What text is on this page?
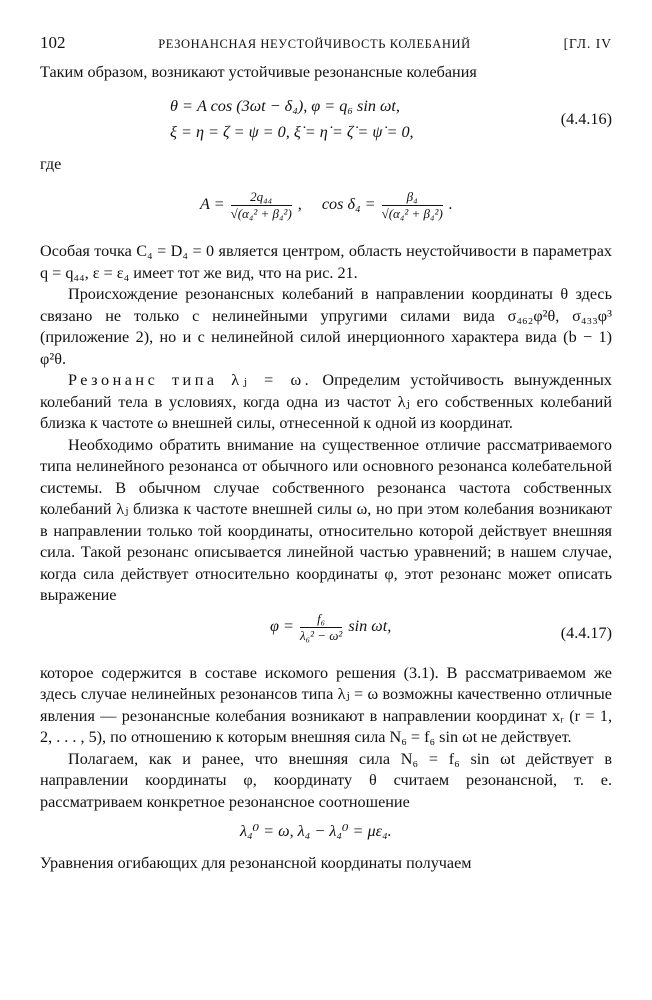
102	РЕЗОНАНСНАЯ НЕУСТОЙЧИВОСТЬ КОЛЕБАНИЙ	[ГЛ. IV

Таким образом, возникают устойчивые резонансные колебания

θ = A cos (3ωt − δ₄), φ = q₆ sin ωt,
ξ = η = ζ = ψ = 0, ξ̇ = η̇ = ζ̇ = ψ̇ = 0,
(4.4.16)

где

$A = \frac{\text{2q₄₄}}{\text{√(α₄² + β₄²)}}$ , $\cos \delta_4 = \frac{\text{β₄}}{\text{√(α₄² + β₄²)}}$ .

Особая точка C₄ = D₄ = 0 является центром, область неустойчивости в параметрах q = q₄₄, ε = ε₄ имеет тот же вид, что на рис. 21.

Происхождение резонансных колебаний в направлении координаты θ здесь связано не только с нелинейными упругими силами вида σ₄₆₂φ²θ, σ₄₃₃φ³ (приложение 2), но и с нелинейной силой инерционного характера вида (b − 1) φ²θ.

Резонанс типа λⱼ = ω. Определим устойчивость вынужденных колебаний тела в условиях, когда одна из частот λⱼ его собственных колебаний близка к частоте ω внешней силы, отнесенной к одной из координат.

Необходимо обратить внимание на существенное отличие рассматриваемого типа нелинейного резонанса от обычного или основного резонанса колебательной системы. В обычном случае собственного резонанса частота собственных колебаний λⱼ близка к частоте внешней силы ω, но при этом колебания возникают в направлении только той координаты, относительно которой действует внешняя сила. Такой резонанс описывается линейной частью уравнений; в нашем случае, когда сила действует относительно координаты φ, этот резонанс может описать выражение

$\varphi = \frac{\text{f₆}}{\text{λ₆² − ω²}}$ sin ωt,	(4.4.17)

которое содержится в составе искомого решения (3.1). В рассматриваемом же здесь случае нелинейных резонансов типа λⱼ = ω возможны качественно отличные явления — резонансные колебания возникают в направлении координат xᵣ (r = 1, 2, . . . , 5), по отношению к которым внешняя сила N₆ = f₆ sin ωt не действует.

Полагаем, как и ранее, что внешняя сила N₆ = f₆ sin ωt действует в направлении координаты φ, координату θ считаем резонансной, т. е. рассматриваем конкретное резонансное соотношение

λ₄⁰ = ω, λ₄ − λ₄⁰ = με₄.

Уравнения огибающих для резонансной координаты получаем
